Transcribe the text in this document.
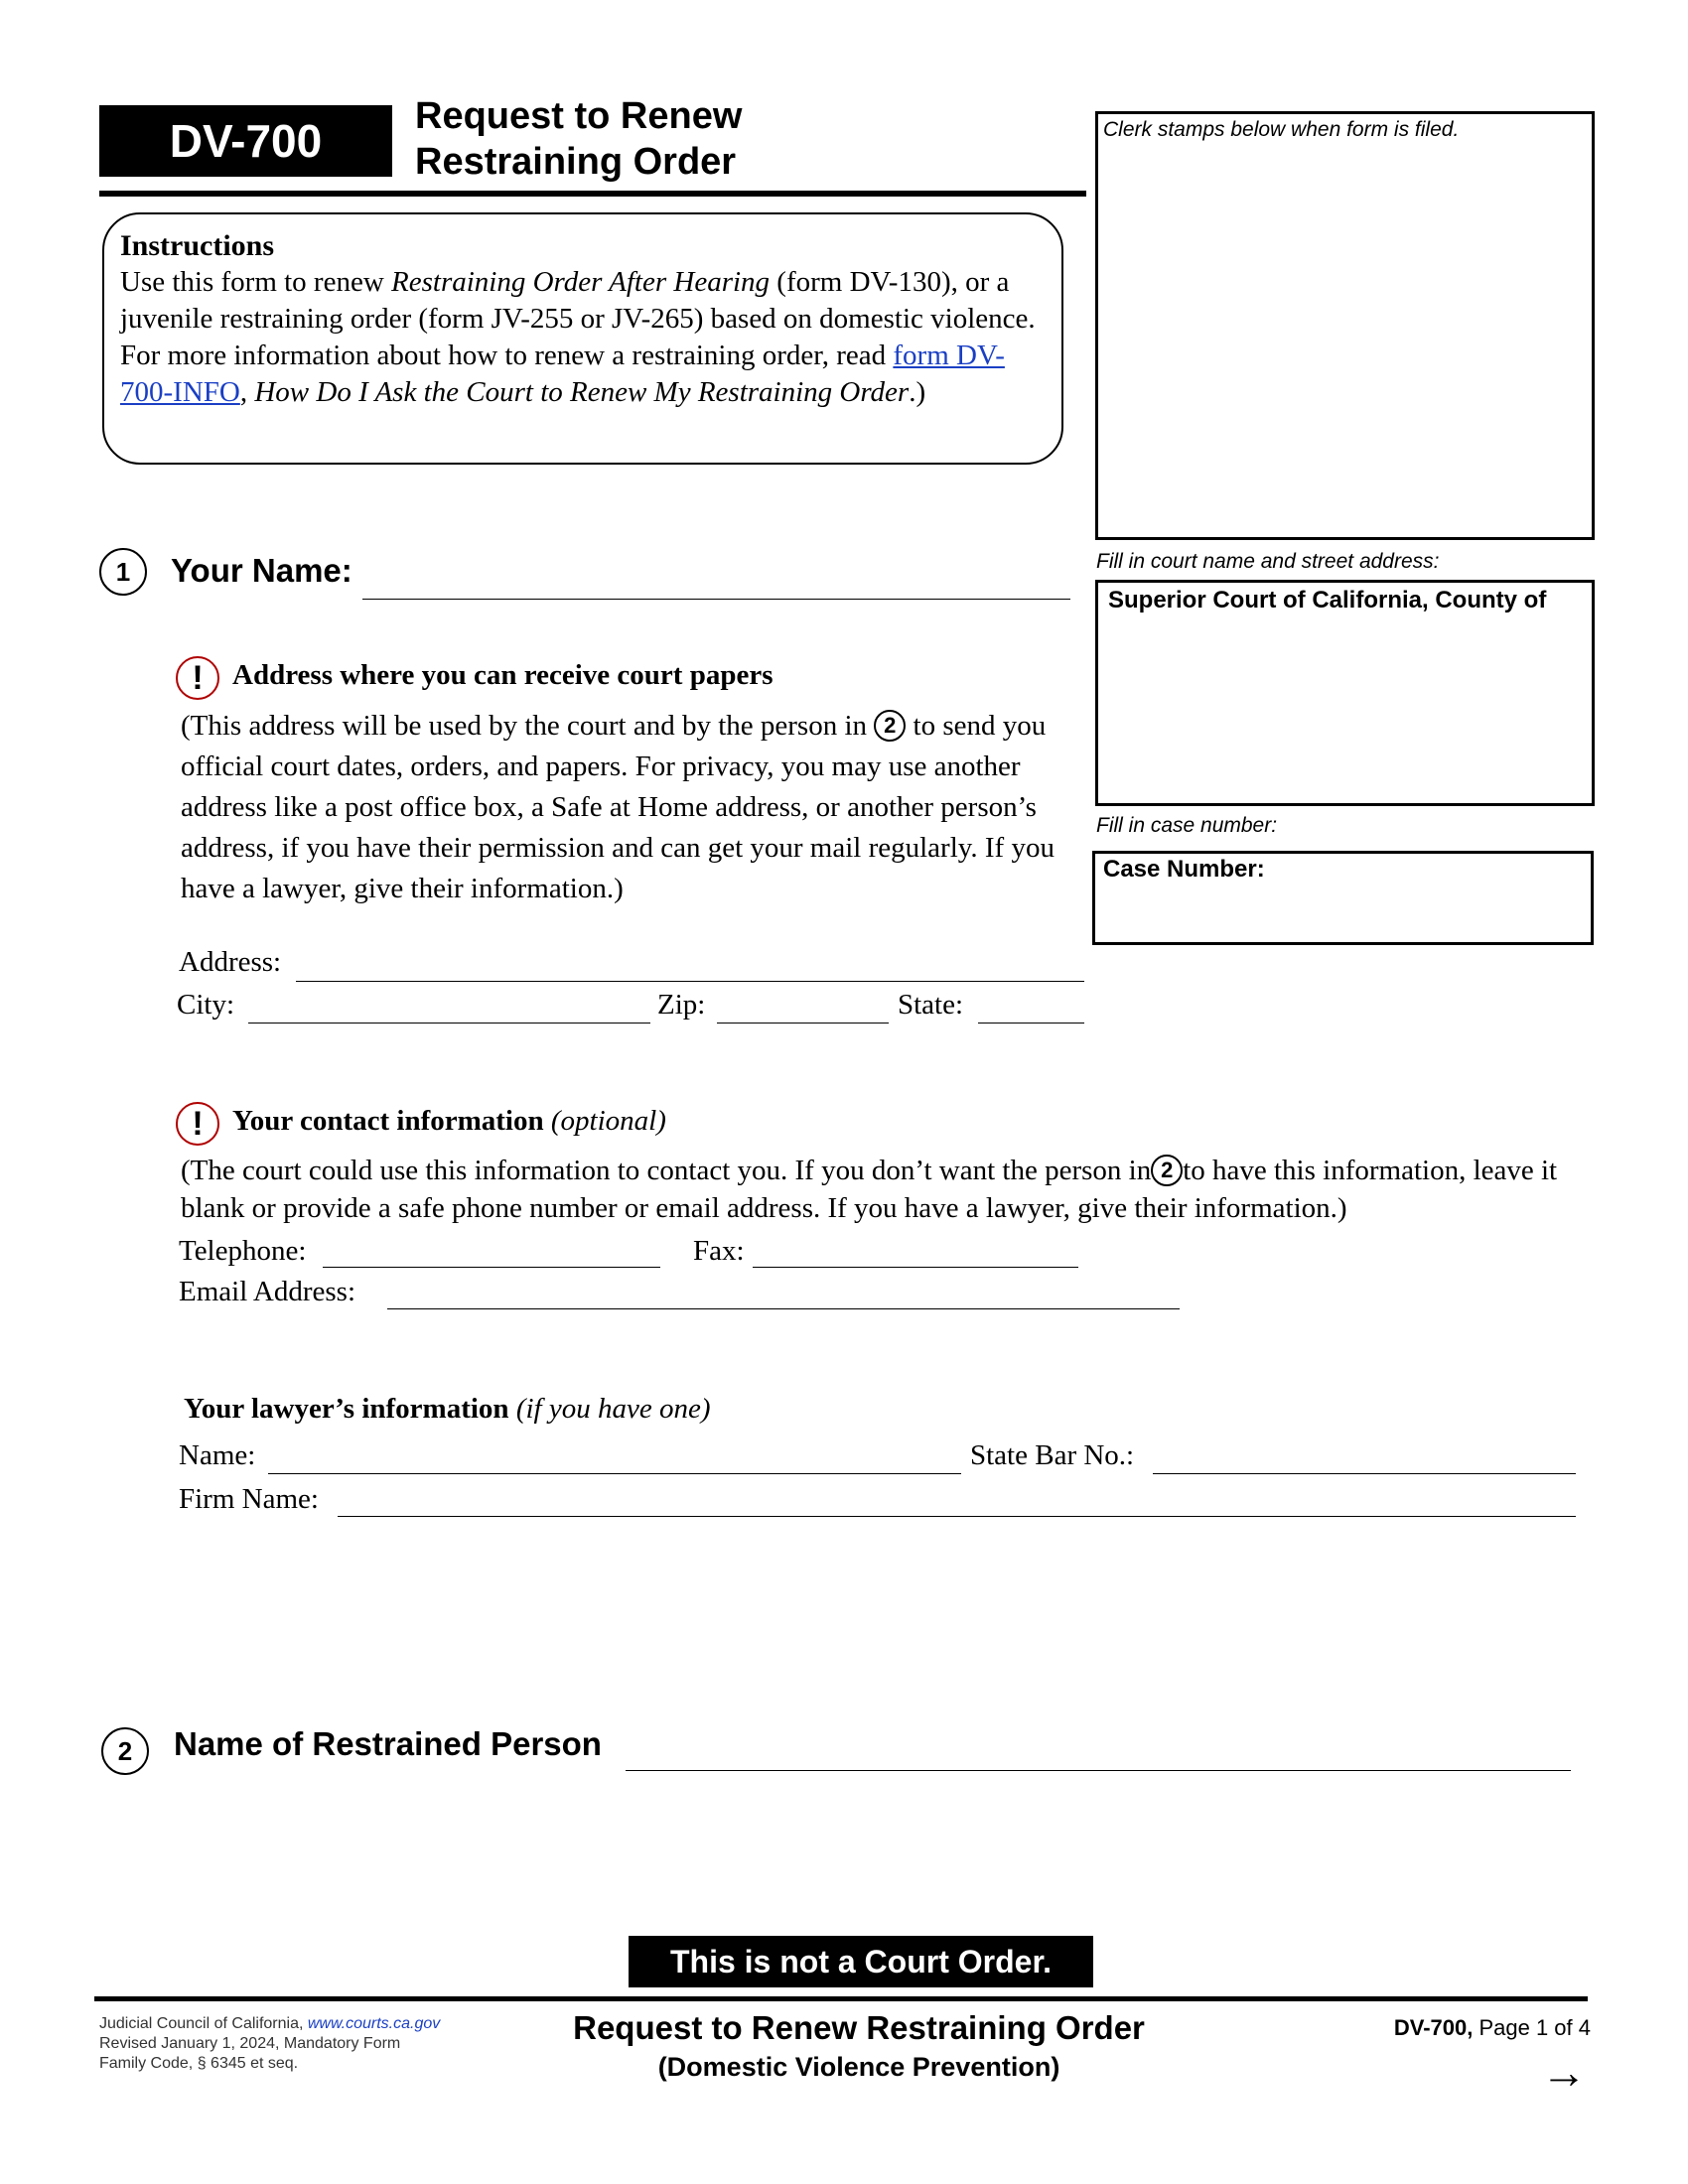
DV-700	Request to Renew
Restraining Order
Instructions

Use this form to renew Restraining Order After Hearing (form DV-130), or a juvenile restraining order (form JV-255 or JV-265) based on domestic violence. For more information about how to renew a restraining order, read form DV-700-INFO, How Do I Ask the Court to Renew My Restraining Order.)

Clerk stamps below when form is filed.
Fill in court name and street address:
Superior Court of California, County of
Fill in case number:
Case Number:
1	Your Name:
!	Address where you can receive court papers

(This address will be used by the court and by the person in 2 to send you official court dates, orders, and papers. For privacy, you may use another address like a post office box, a Safe at Home address, or another person’s address, if you have their permission and can get your mail regularly. If you have a lawyer, give their information.)

Address:
City:	Zip:	State:
!	Your contact information (optional)

(The court could use this information to contact you. If you don’t want the person in 2 to have this information, leave it blank or provide a safe phone number or email address. If you have a lawyer, give their information.)

Telephone:	Fax:
Email Address:
Your lawyer’s information (if you have one)
Name:	State Bar No.:
Firm Name:
2	Name of Restrained Person
This is not a Court Order.
Judicial Council of California, www.courts.ca.gov
Revised January 1, 2024, Mandatory Form
Family Code, § 6345 et seq.
Request to Renew Restraining Order
(Domestic Violence Prevention)
DV-700, Page 1 of 4
→
